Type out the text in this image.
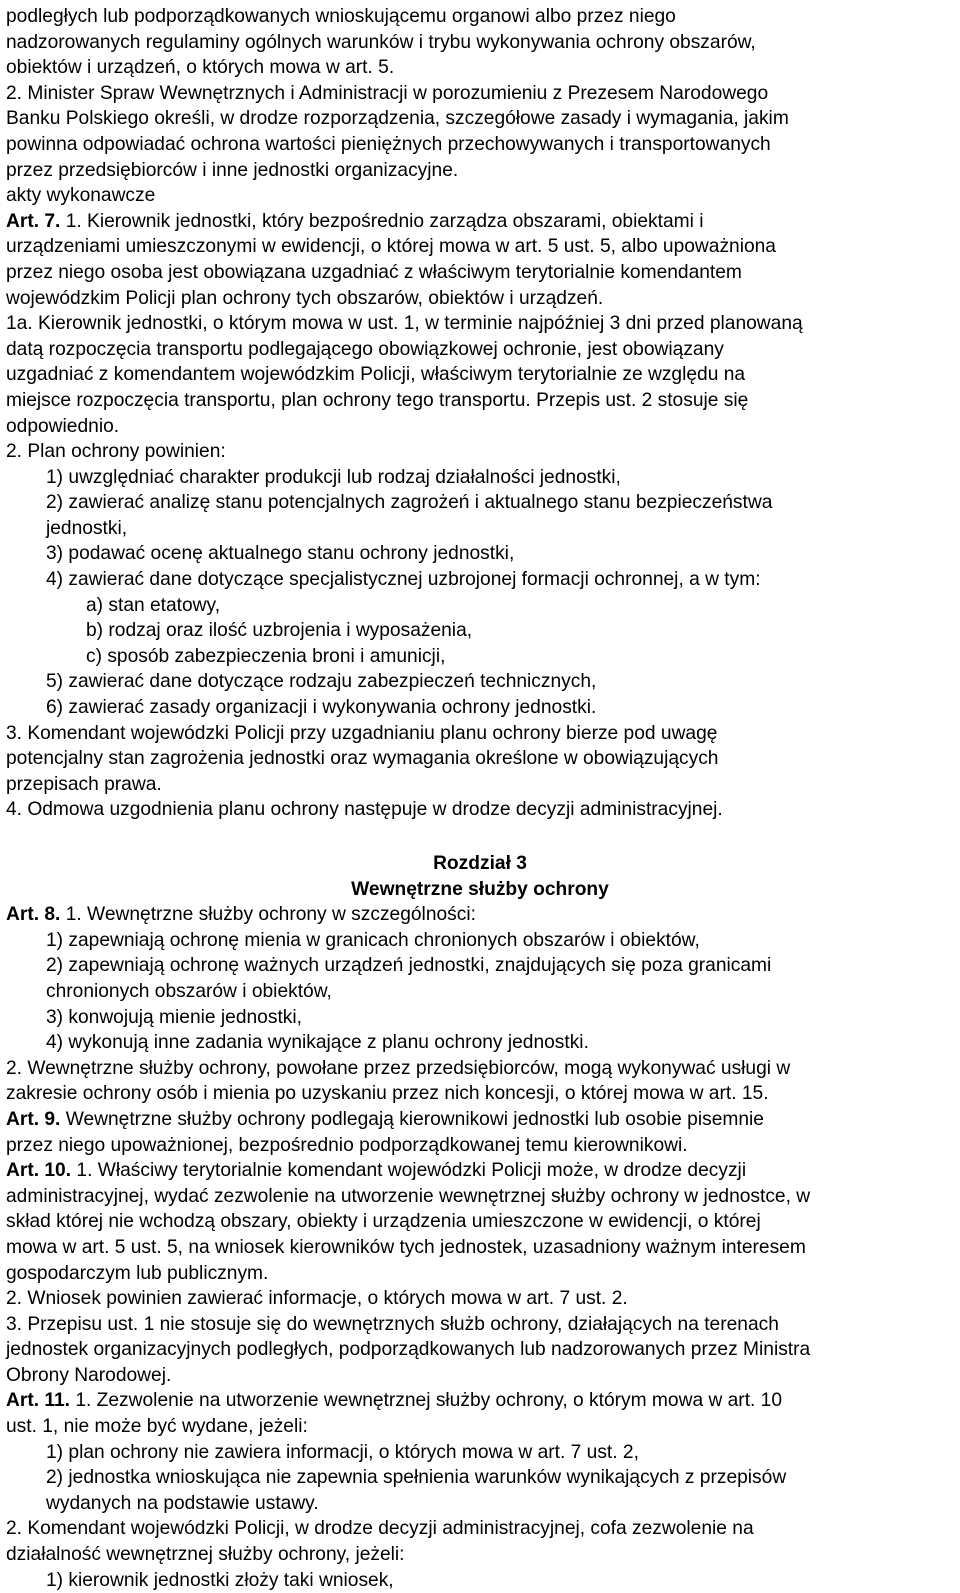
podległych lub podporządkowanych wnioskującemu organowi albo przez niego
nadzorowanych regulaminy ogólnych warunków i trybu wykonywania ochrony obszarów,
obiektów i urządzeń, o których mowa w art. 5.
2. Minister Spraw Wewnętrznych i Administracji w porozumieniu z Prezesem Narodowego
Banku Polskiego określi, w drodze rozporządzenia, szczegółowe zasady i wymagania, jakim
powinna odpowiadać ochrona wartości pieniężnych przechowywanych i transportowanych
przez przedsiębiorców i inne jednostki organizacyjne.
akty wykonawcze
Art. 7. 1. Kierownik jednostki, który bezpośrednio zarządza obszarami, obiektami i
urządzeniami umieszczonymi w ewidencji, o której mowa w art. 5 ust. 5, albo upoważniona
przez niego osoba jest obowiązana uzgadniać z właściwym terytorialnie komendantem
wojewódzkim Policji plan ochrony tych obszarów, obiektów i urządzeń.
1a. Kierownik jednostki, o którym mowa w ust. 1, w terminie najpóźniej 3 dni przed planowaną
datą rozpoczęcia transportu podlegającego obowiązkowej ochronie, jest obowiązany
uzgadniać z komendantem wojewódzkim Policji, właściwym terytorialnie ze względu na
miejsce rozpoczęcia transportu, plan ochrony tego transportu. Przepis ust. 2 stosuje się
odpowiednio.
2. Plan ochrony powinien:
1) uwzględniać charakter produkcji lub rodzaj działalności jednostki,
2) zawierać analizę stanu potencjalnych zagrożeń i aktualnego stanu bezpieczeństwa
jednostki,
3) podawać ocenę aktualnego stanu ochrony jednostki,
4) zawierać dane dotyczące specjalistycznej uzbrojonej formacji ochronnej, a w tym:
a) stan etatowy,
b) rodzaj oraz ilość uzbrojenia i wyposażenia,
c) sposób zabezpieczenia broni i amunicji,
5) zawierać dane dotyczące rodzaju zabezpieczeń technicznych,
6) zawierać zasady organizacji i wykonywania ochrony jednostki.
3. Komendant wojewódzki Policji przy uzgadnianiu planu ochrony bierze pod uwagę
potencjalny stan zagrożenia jednostki oraz wymagania określone w obowiązujących
przepisach prawa.
4. Odmowa uzgodnienia planu ochrony następuje w drodze decyzji administracyjnej.
Rozdział 3
Wewnętrzne służby ochrony
Art. 8. 1. Wewnętrzne służby ochrony w szczególności:
1) zapewniają ochronę mienia w granicach chronionych obszarów i obiektów,
2) zapewniają ochronę ważnych urządzeń jednostki, znajdujących się poza granicami
chronionych obszarów i obiektów,
3) konwojują mienie jednostki,
4) wykonują inne zadania wynikające z planu ochrony jednostki.
2. Wewnętrzne służby ochrony, powołane przez przedsiębiorców, mogą wykonywać usługi w
zakresie ochrony osób i mienia po uzyskaniu przez nich koncesji, o której mowa w art. 15.
Art. 9. Wewnętrzne służby ochrony podlegają kierownikowi jednostki lub osobie pisemnie
przez niego upoważnionej, bezpośrednio podporządkowanej temu kierownikowi.
Art. 10. 1. Właściwy terytorialnie komendant wojewódzki Policji może, w drodze decyzji
administracyjnej, wydać zezwolenie na utworzenie wewnętrznej służby ochrony w jednostce, w
skład której nie wchodzą obszary, obiekty i urządzenia umieszczone w ewidencji, o której
mowa w art. 5 ust. 5, na wniosek kierowników tych jednostek, uzasadniony ważnym interesem
gospodarczym lub publicznym.
2. Wniosek powinien zawierać informacje, o których mowa w art. 7 ust. 2.
3. Przepisu ust. 1 nie stosuje się do wewnętrznych służb ochrony, działających na terenach
jednostek organizacyjnych podległych, podporządkowanych lub nadzorowanych przez Ministra
Obrony Narodowej.
Art. 11. 1. Zezwolenie na utworzenie wewnętrznej służby ochrony, o którym mowa w art. 10
ust. 1, nie może być wydane, jeżeli:
1) plan ochrony nie zawiera informacji, o których mowa w art. 7 ust. 2,
2) jednostka wnioskująca nie zapewnia spełnienia warunków wynikających z przepisów
wydanych na podstawie ustawy.
2. Komendant wojewódzki Policji, w drodze decyzji administracyjnej, cofa zezwolenie na
działalność wewnętrznej służby ochrony, jeżeli:
1) kierownik jednostki złoży taki wniosek,
